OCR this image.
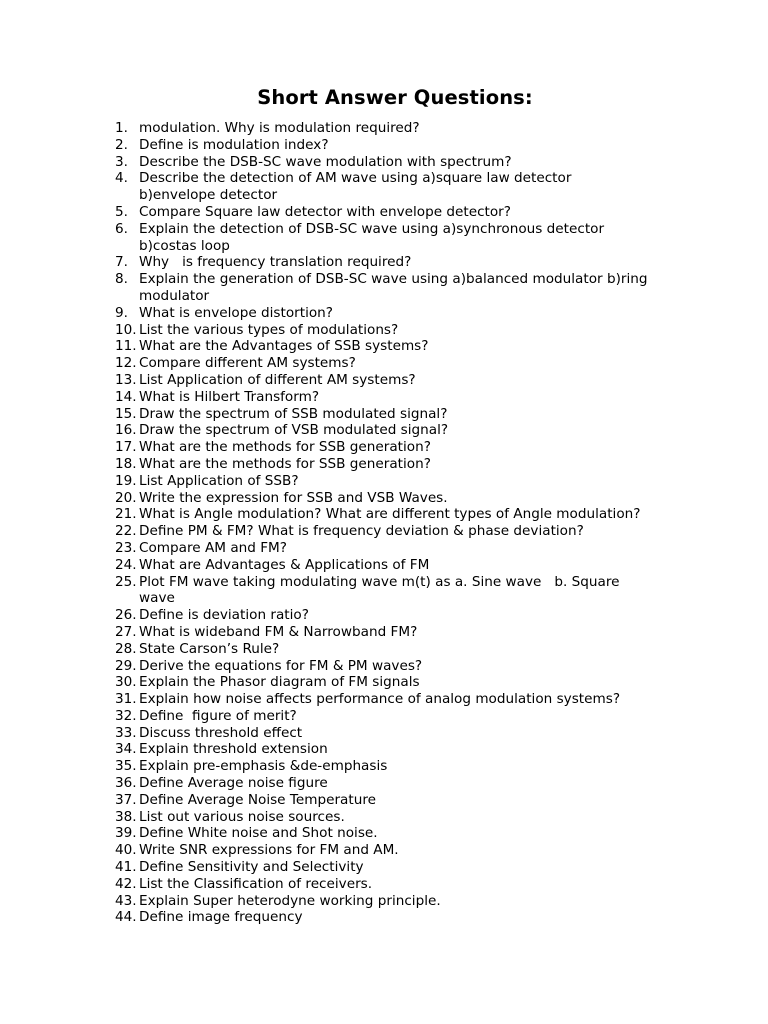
Short Answer Questions:
1. modulation. Why is modulation required?
2. Define is modulation index?
3. Describe the DSB-SC wave modulation with spectrum?
4. Describe the detection of AM wave using a)square law detector
b)envelope detector
5. Compare Square law detector with envelope detector?
6. Explain the detection of DSB-SC wave using a)synchronous detector
b)costas loop
7. Why   is frequency translation required?
8. Explain the generation of DSB-SC wave using a)balanced modulator b)ring
modulator
9. What is envelope distortion?
10. List the various types of modulations?
11. What are the Advantages of SSB systems?
12. Compare different AM systems?
13. List Application of different AM systems?
14. What is Hilbert Transform?
15. Draw the spectrum of SSB modulated signal?
16. Draw the spectrum of VSB modulated signal?
17. What are the methods for SSB generation?
18. What are the methods for SSB generation?
19. List Application of SSB?
20. Write the expression for SSB and VSB Waves.
21. What is Angle modulation? What are different types of Angle modulation?
22. Define PM & FM? What is frequency deviation & phase deviation?
23. Compare AM and FM?
24. What are Advantages & Applications of FM
25. Plot FM wave taking modulating wave m(t) as a. Sine wave   b. Square
wave
26. Define is deviation ratio?
27. What is wideband FM & Narrowband FM?
28. State Carson’s Rule?
29. Derive the equations for FM & PM waves?
30. Explain the Phasor diagram of FM signals
31. Explain how noise affects performance of analog modulation systems?
32. Define  figure of merit?
33. Discuss threshold effect
34. Explain threshold extension
35. Explain pre-emphasis &de-emphasis
36. Define Average noise figure
37. Define Average Noise Temperature
38. List out various noise sources.
39. Define White noise and Shot noise.
40. Write SNR expressions for FM and AM.
41. Define Sensitivity and Selectivity
42. List the Classification of receivers.
43. Explain Super heterodyne working principle.
44. Define image frequency
